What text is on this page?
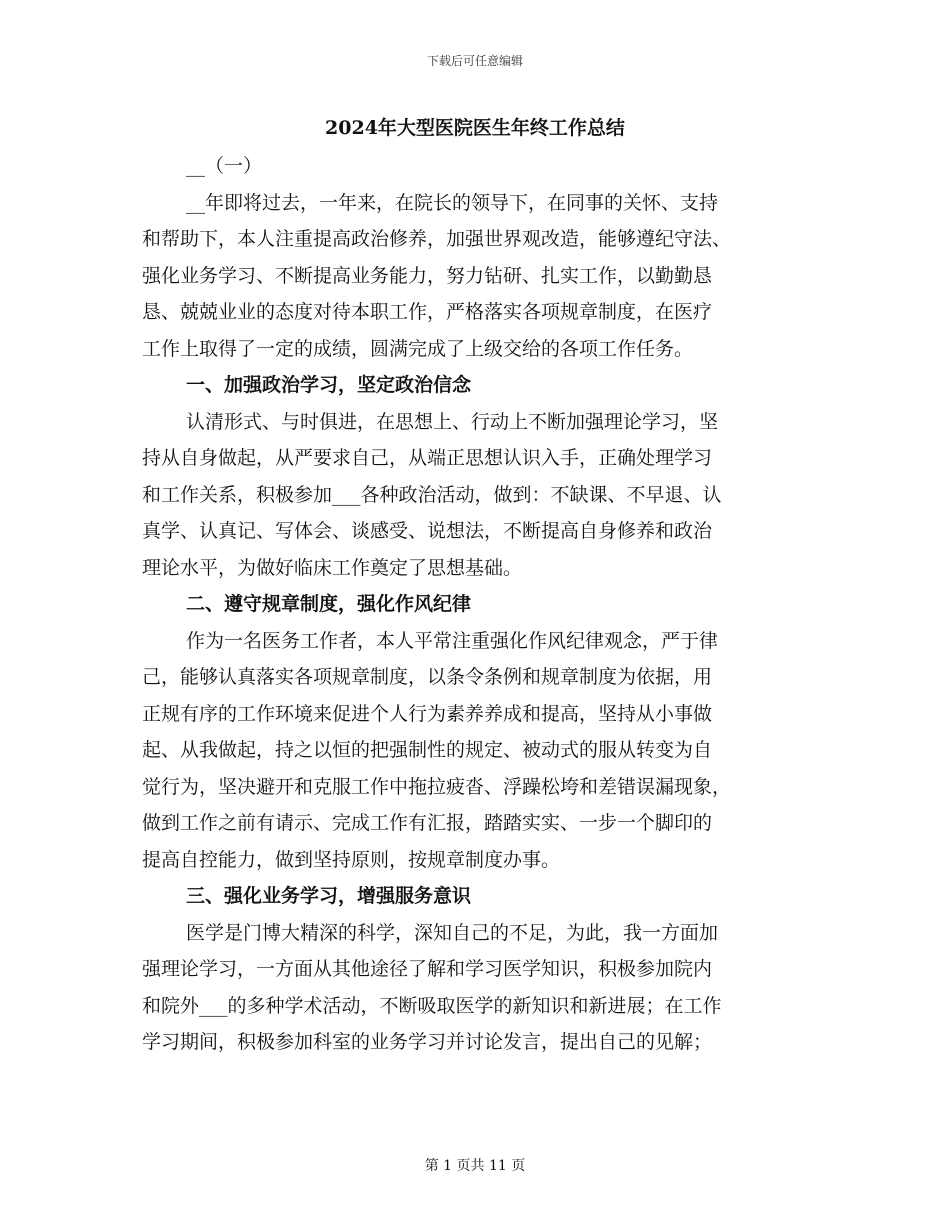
下载后可任意编辑
2024年大型医院医生年终工作总结
__（一）
__年即将过去，一年来，在院长的领导下，在同事的关怀、支持
和帮助下，本人注重提高政治修养，加强世界观改造，能够遵纪守法、
强化业务学习、不断提高业务能力，努力钻研、扎实工作，以勤勤恳
恳、兢兢业业的态度对待本职工作，严格落实各项规章制度，在医疗
工作上取得了一定的成绩，圆满完成了上级交给的各项工作任务。
一、加强政治学习，坚定政治信念
认清形式、与时俱进，在思想上、行动上不断加强理论学习，坚
持从自身做起，从严要求自己，从端正思想认识入手，正确处理学习
和工作关系，积极参加___各种政治活动，做到：不缺课、不早退、认
真学、认真记、写体会、谈感受、说想法，不断提高自身修养和政治
理论水平，为做好临床工作奠定了思想基础。
二、遵守规章制度，强化作风纪律
作为一名医务工作者，本人平常注重强化作风纪律观念，严于律
己，能够认真落实各项规章制度，以条令条例和规章制度为依据，用
正规有序的工作环境来促进个人行为素养养成和提高，坚持从小事做
起、从我做起，持之以恒的把强制性的规定、被动式的服从转变为自
觉行为，坚决避开和克服工作中拖拉疲沓、浮躁松垮和差错误漏现象，
做到工作之前有请示、完成工作有汇报，踏踏实实、一步一个脚印的
提高自控能力，做到坚持原则，按规章制度办事。
三、强化业务学习，增强服务意识
医学是门博大精深的科学，深知自己的不足，为此，我一方面加
强理论学习，一方面从其他途径了解和学习医学知识，积极参加院内
和院外___的多种学术活动，不断吸取医学的新知识和新进展；在工作
学习期间，积极参加科室的业务学习并讨论发言，提出自己的见解；
第 1 页共 11 页
